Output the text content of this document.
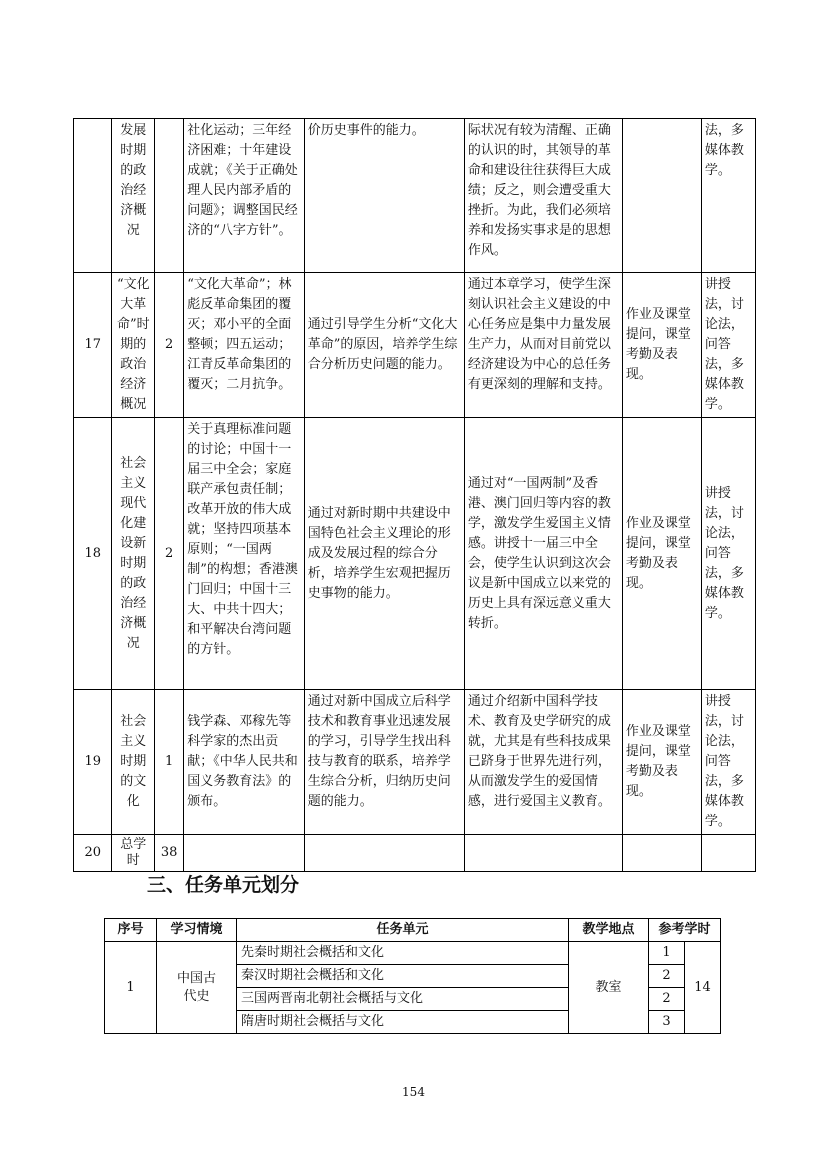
	发展时期的政治经济概况		社化运动；三年经济困难；十年建设成就；《关于正确处理人民内部矛盾的问题》；调整国民经济的“八字方针”。	价历史事件的能力。	际状况有较为清醒、正确的认识的时，其领导的革命和建设往往获得巨大成绩；反之，则会遭受重大挫折。为此，我们必须培养和发扬实事求是的思想作风。		法，多媒体教学。
17	“文化大革命”时期的政治经济概况	2	“文化大革命”；林彪反革命集团的覆灭；邓小平的全面整顿；四五运动；江青反革命集团的覆灭；二月抗争。	通过引导学生分析“文化大革命”的原因，培养学生综合分析历史问题的能力。	通过本章学习，使学生深刻认识社会主义建设的中心任务应是集中力量发展生产力，从而对目前党以经济建设为中心的总任务有更深刻的理解和支持。	作业及课堂提问，课堂考勤及表现。	讲授法，讨论法，问答法，多媒体教学。
18	社会主义现代化建设新时期的政治经济概况	2	关于真理标准问题的讨论；中国十一届三中全会；家庭联产承包责任制；改革开放的伟大成就；坚持四项基本原则；“一国两制”的构想；香港澳门回归；中国十三大、中共十四大；和平解决台湾问题的方针。	通过对新时期中共建设中国特色社会主义理论的形成及发展过程的综合分析，培养学生宏观把握历史事物的能力。	通过对“一国两制”及香港、澳门回归等内容的教学，激发学生爱国主义情感。讲授十一届三中全会，使学生认识到这次会议是新中国成立以来党的历史上具有深远意义重大转折。	作业及课堂提问，课堂考勤及表现。	讲授法，讨论法，问答法，多媒体教学。
19	社会主义时期的文化	1	钱学森、邓稼先等科学家的杰出贡献；《中华人民共和国义务教育法》的颁布。	通过对新中国成立后科学技术和教育事业迅速发展的学习，引导学生找出科技与教育的联系，培养学生综合分析，归纳历史问题的能力。	通过介绍新中国科学技术、教育及史学研究的成就，尤其是有些科技成果已跻身于世界先进行列，从而激发学生的爱国情感，进行爱国主义教育。	作业及课堂提问，课堂考勤及表现。	讲授法，讨论法，问答法，多媒体教学。
20	总学时	38					
三、任务单元划分
序号	学习情境	任务单元	教学地点	参考学时	
1	中国古代史	先秦时期社会概括和文化	教室	1	14
		秦汉时期社会概括和文化		2	
		三国两晋南北朝社会概括与文化		2	
		隋唐时期社会概括与文化		3	
154
